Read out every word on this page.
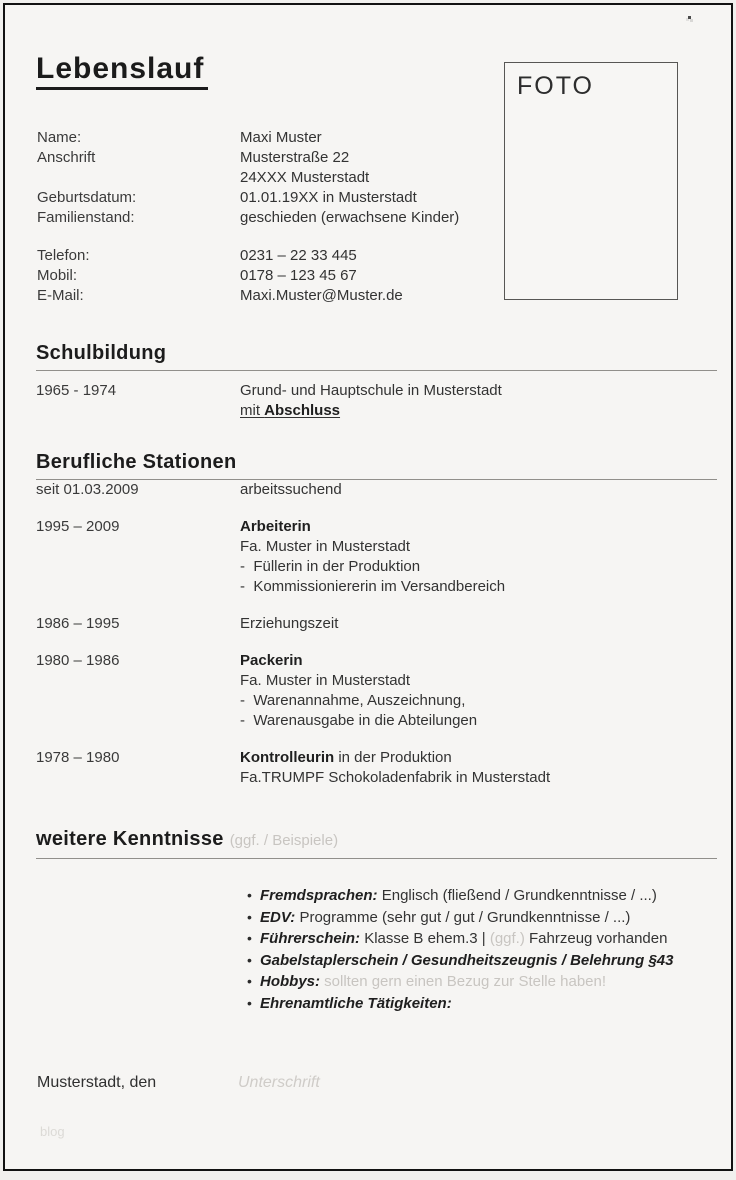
Lebenslauf
FOTO
Name:	Maxi Muster
Anschrift	Musterstraße 22
24XXX Musterstadt
Geburtsdatum:	01.01.19XX in Musterstadt
Familienstand:	geschieden (erwachsene Kinder)
Telefon:	0231 – 22 33 445
Mobil:	0178 – 123 45 67
E-Mail:	Maxi.Muster@Muster.de
Schulbildung
1965 - 1974	Grund- und Hauptschule in Musterstadt
mit Abschluss
Berufliche Stationen
seit 01.03.2009	arbeitssuchend
1995 – 2009	Arbeiterin
Fa. Muster in Musterstadt
-  Füllerin in der Produktion
-  Kommissioniererin im Versandbereich
1986 – 1995	Erziehungszeit
1980 – 1986	Packerin
Fa. Muster in Musterstadt
-  Warenannahme, Auszeichnung,
-  Warenausgabe in die Abteilungen
1978 – 1980	Kontrolleurin in der Produktion
Fa.TRUMPF Schokoladenfabrik in Musterstadt
weitere Kenntnisse (ggf. / Beispiele)
• Fremdsprachen: Englisch (fließend / Grundkenntnisse / ...)
• EDV: Programme (sehr gut / gut / Grundkenntnisse / ...)
• Führerschein: Klasse B ehem.3 | (ggf.) Fahrzeug vorhanden
• Gabelstaplerschein / Gesundheitszeugnis / Belehrung §43
• Hobbys:
sollten gern einen Bezug zur Stelle haben!
• Ehrenamtliche Tätigkeiten:
Musterstadt, den	Unterschrift
blog
